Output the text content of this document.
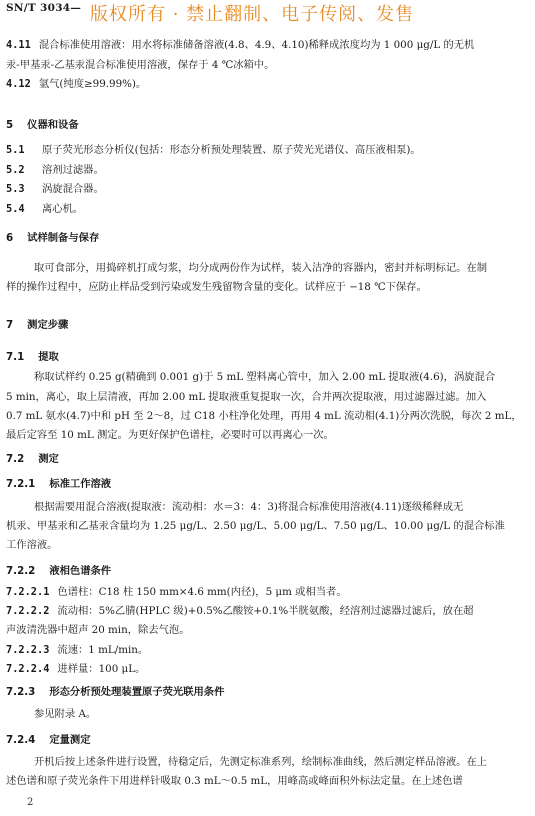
SN/T 3034— 版权所有 · 禁止翻制、电子传阅、发售
4.11 混合标准使用溶液：用水将标准储备溶液(4.8、4.9、4.10)稀释成浓度均为 1 000 μg/L 的无机
汞-甲基汞-乙基汞混合标准使用溶液，保存于 4 ℃冰箱中。
4.12 氩气(纯度≥99.99%)。
5 仪器和设备
5.1 原子荧光形态分析仪(包括：形态分析预处理装置、原子荧光光谱仪、高压液相泵)。
5.2 溶剂过滤器。
5.3 涡旋混合器。
5.4 离心机。
6 试样制备与保存
取可食部分，用捣碎机打成匀浆，均分成两份作为试样，装入洁净的容器内，密封并标明标记。在制
样的操作过程中，应防止样品受到污染或发生残留物含量的变化。试样应于 −18 ℃下保存。
7 测定步骤
7.1 提取
称取试样约 0.25 g(精确到 0.001 g)于 5 mL 塑料离心管中，加入 2.00 mL 提取液(4.6)，涡旋混合
5 min，离心，取上层清液，再加 2.00 mL 提取液重复提取一次，合并两次提取液，用过滤器过滤。加入
0.7 mL 氨水(4.7)中和 pH 至 2～8，过 C18 小柱净化处理，再用 4 mL 流动相(4.1)分两次洗脱，每次 2 mL，
最后定容至 10 mL 测定。为更好保护色谱柱，必要时可以再离心一次。
7.2 测定
7.2.1 标准工作溶液
根据需要用混合溶液(提取液：流动相：水＝3：4：3)将混合标准使用溶液(4.11)逐级稀释成无
机汞、甲基汞和乙基汞含量均为 1.25 μg/L、2.50 μg/L、5.00 μg/L、7.50 μg/L、10.00 μg/L 的混合标准
工作溶液。
7.2.2 液相色谱条件
7.2.2.1 色谱柱：C18 柱 150 mm×4.6 mm(内径)，5 μm 或相当者。
7.2.2.2 流动相：5%乙腈(HPLC 级)+0.5%乙酸铵+0.1%半胱氨酸，经溶剂过滤器过滤后，放在超
声波清洗器中超声 20 min，除去气泡。
7.2.2.3 流速：1 mL/min。
7.2.2.4 进样量：100 μL。
7.2.3 形态分析预处理装置原子荧光联用条件
参见附录 A。
7.2.4 定量测定
开机后按上述条件进行设置，待稳定后，先测定标准系列，绘制标准曲线，然后测定样品溶液。在上
述色谱和原子荧光条件下用进样针吸取 0.3 mL～0.5 mL，用峰高或峰面积外标法定量。在上述色谱
2
